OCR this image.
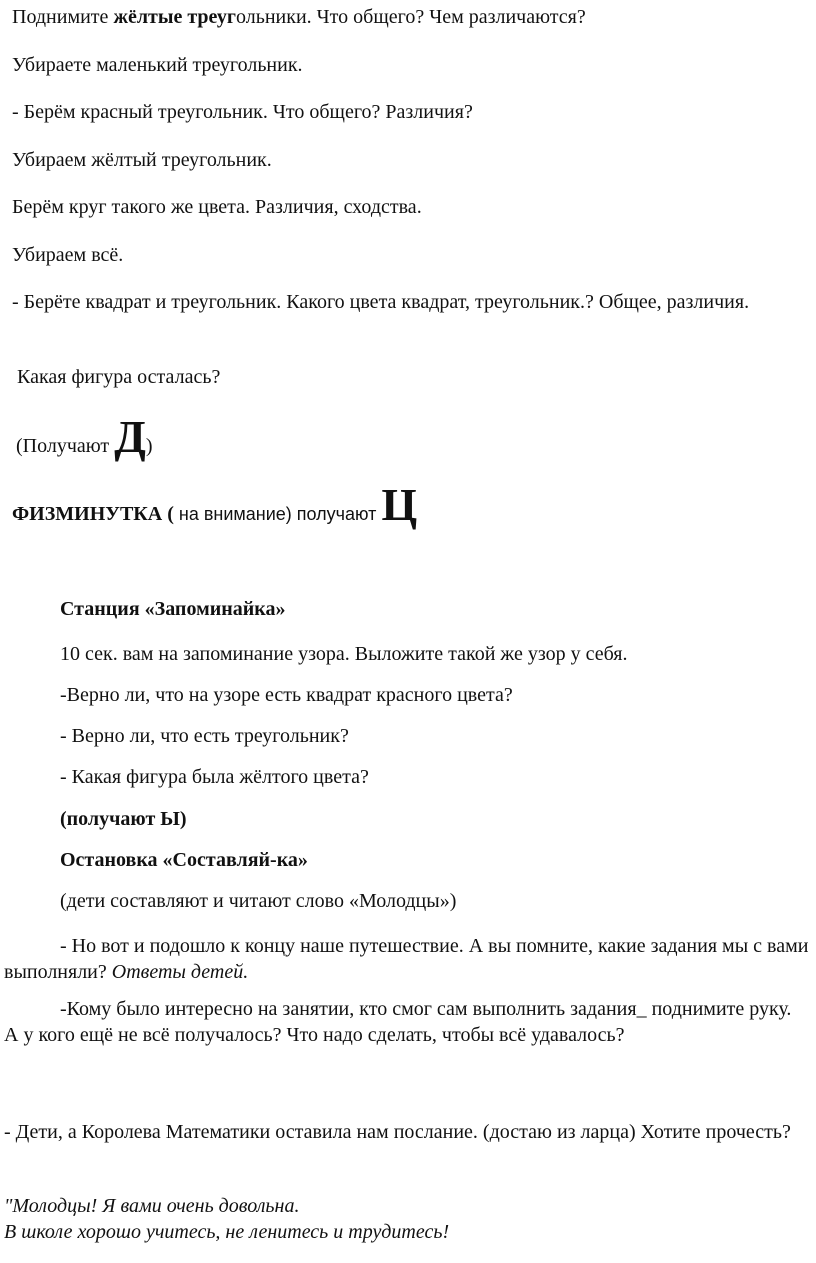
Поднимите жёлтые треугольники. Что общего? Чем различаются?
Убираете маленький треугольник.
- Берём красный треугольник. Что общего? Различия?
Убираем жёлтый треугольник.
Берём круг такого же цвета. Различия, сходства.
Убираем всё.
- Берёте квадрат и треугольник. Какого цвета квадрат, треугольник.? Общее, различия.
Какая фигура осталась?
(Получают Д)
ФИЗМИНУТКА ( на внимание) получают Ц
Станция «Запоминайка»
10 сек. вам на запоминание узора. Выложите такой же узор у себя.
-Верно ли, что на узоре есть квадрат красного цвета?
- Верно ли, что есть треугольник?
- Какая фигура была жёлтого цвета?
(получают Ы)
Остановка «Составляй-ка»
(дети составляют и читают слово «Молодцы»)
- Но вот и подошло к концу наше путешествие. А вы помните, какие задания мы с вами выполняли? Ответы детей.
-Кому было интересно на занятии, кто смог сам выполнить задания_ поднимите руку. А у кого ещё не всё получалось? Что надо сделать, чтобы всё удавалось?
- Дети, а Королева Математики оставила нам послание. (достаю из ларца) Хотите прочесть?
"Молодцы! Я вами очень довольна.
В школе хорошо учитесь, не ленитесь и трудитесь!
